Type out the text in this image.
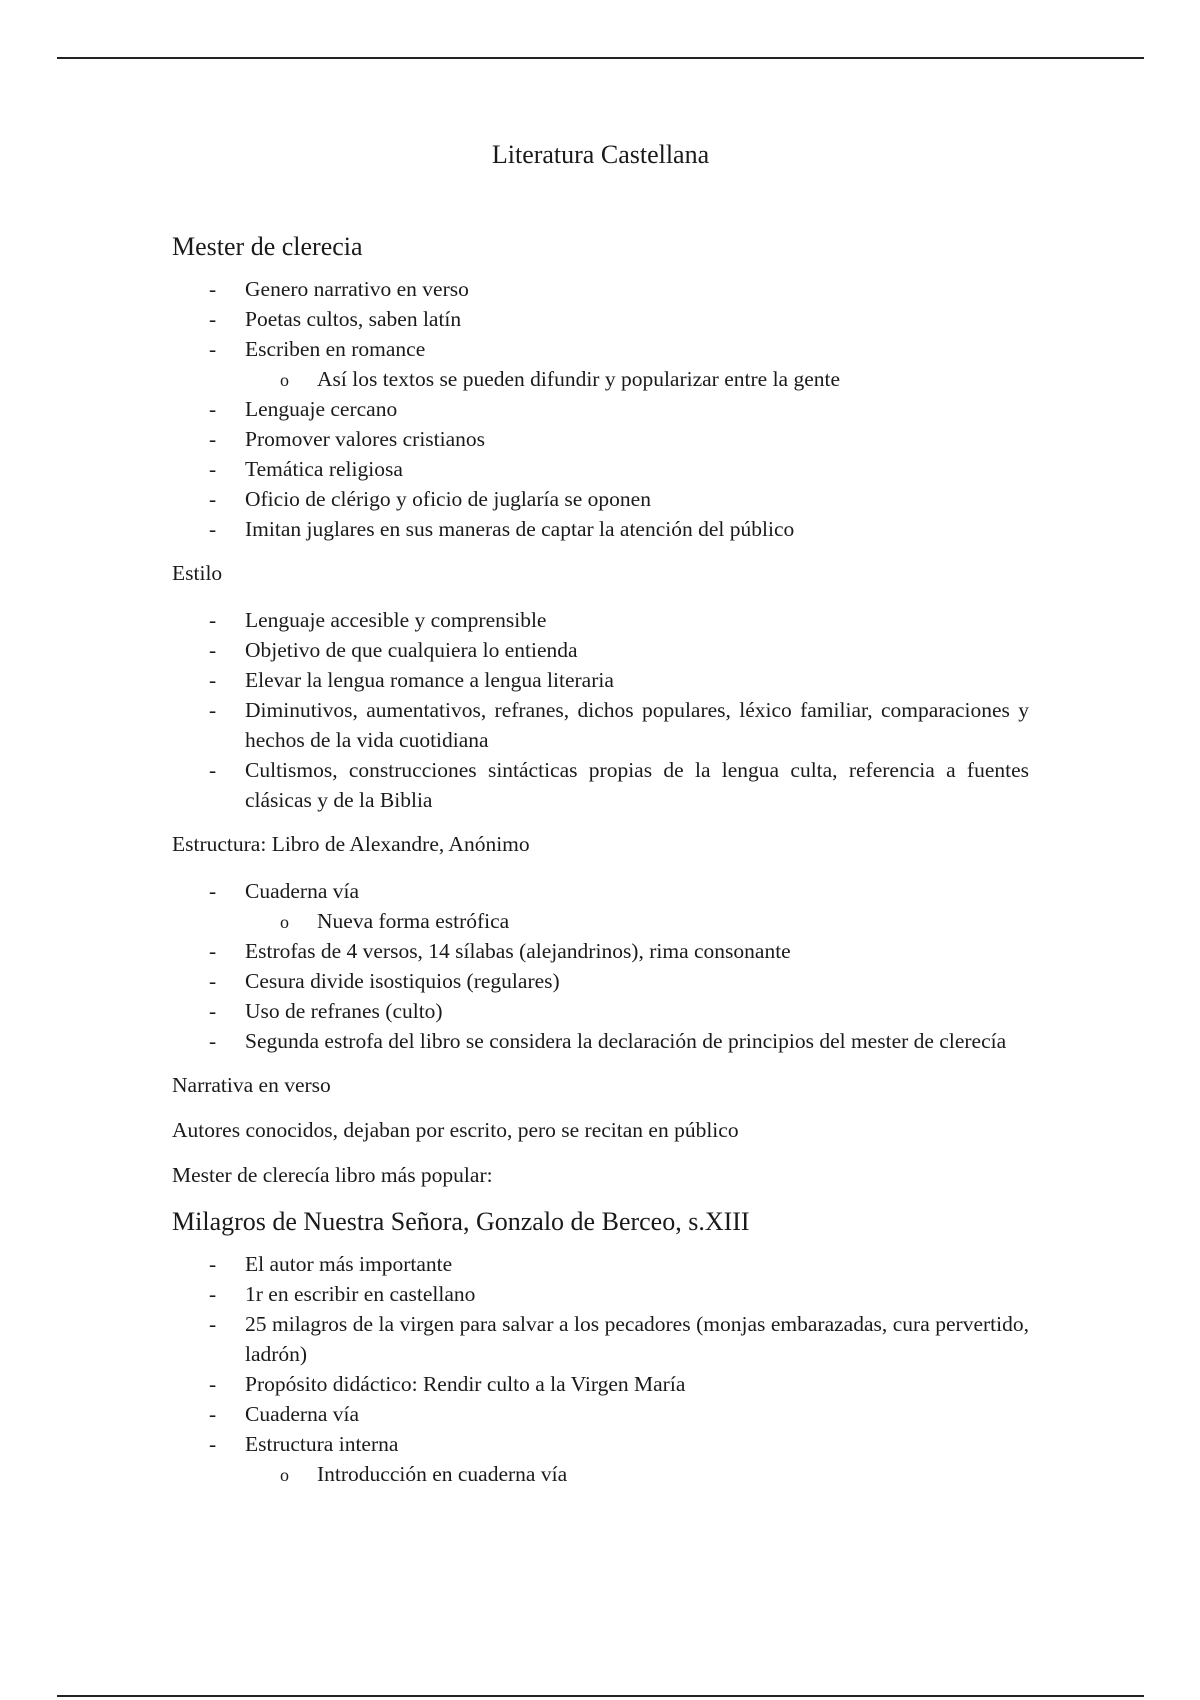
Literatura Castellana
Mester de clerecia
- Genero narrativo en verso
- Poetas cultos, saben latín
- Escriben en romance
o Así los textos se pueden difundir y popularizar entre la gente
- Lenguaje cercano
- Promover valores cristianos
- Temática religiosa
- Oficio de clérigo y oficio de juglaría se oponen
- Imitan juglares en sus maneras de captar la atención del público
Estilo
- Lenguaje accesible y comprensible
- Objetivo de que cualquiera lo entienda
- Elevar la lengua romance a lengua literaria
- Diminutivos, aumentativos, refranes, dichos populares, léxico familiar, comparaciones y hechos de la vida cuotidiana
- Cultismos, construcciones sintácticas propias de la lengua culta, referencia a fuentes clásicas y de la Biblia
Estructura: Libro de Alexandre, Anónimo
- Cuaderna vía
o Nueva forma estrófica
- Estrofas de 4 versos, 14 sílabas (alejandrinos), rima consonante
- Cesura divide isostiquios (regulares)
- Uso de refranes (culto)
- Segunda estrofa del libro se considera la declaración de principios del mester de clerecía
Narrativa en verso
Autores conocidos, dejaban por escrito, pero se recitan en público
Mester de clerecía libro más popular:
Milagros de Nuestra Señora, Gonzalo de Berceo, s.XIII
- El autor más importante
- 1r en escribir en castellano
- 25 milagros de la virgen para salvar a los pecadores (monjas embarazadas, cura pervertido, ladrón)
- Propósito didáctico: Rendir culto a la Virgen María
- Cuaderna vía
- Estructura interna
o Introducción en cuaderna vía
